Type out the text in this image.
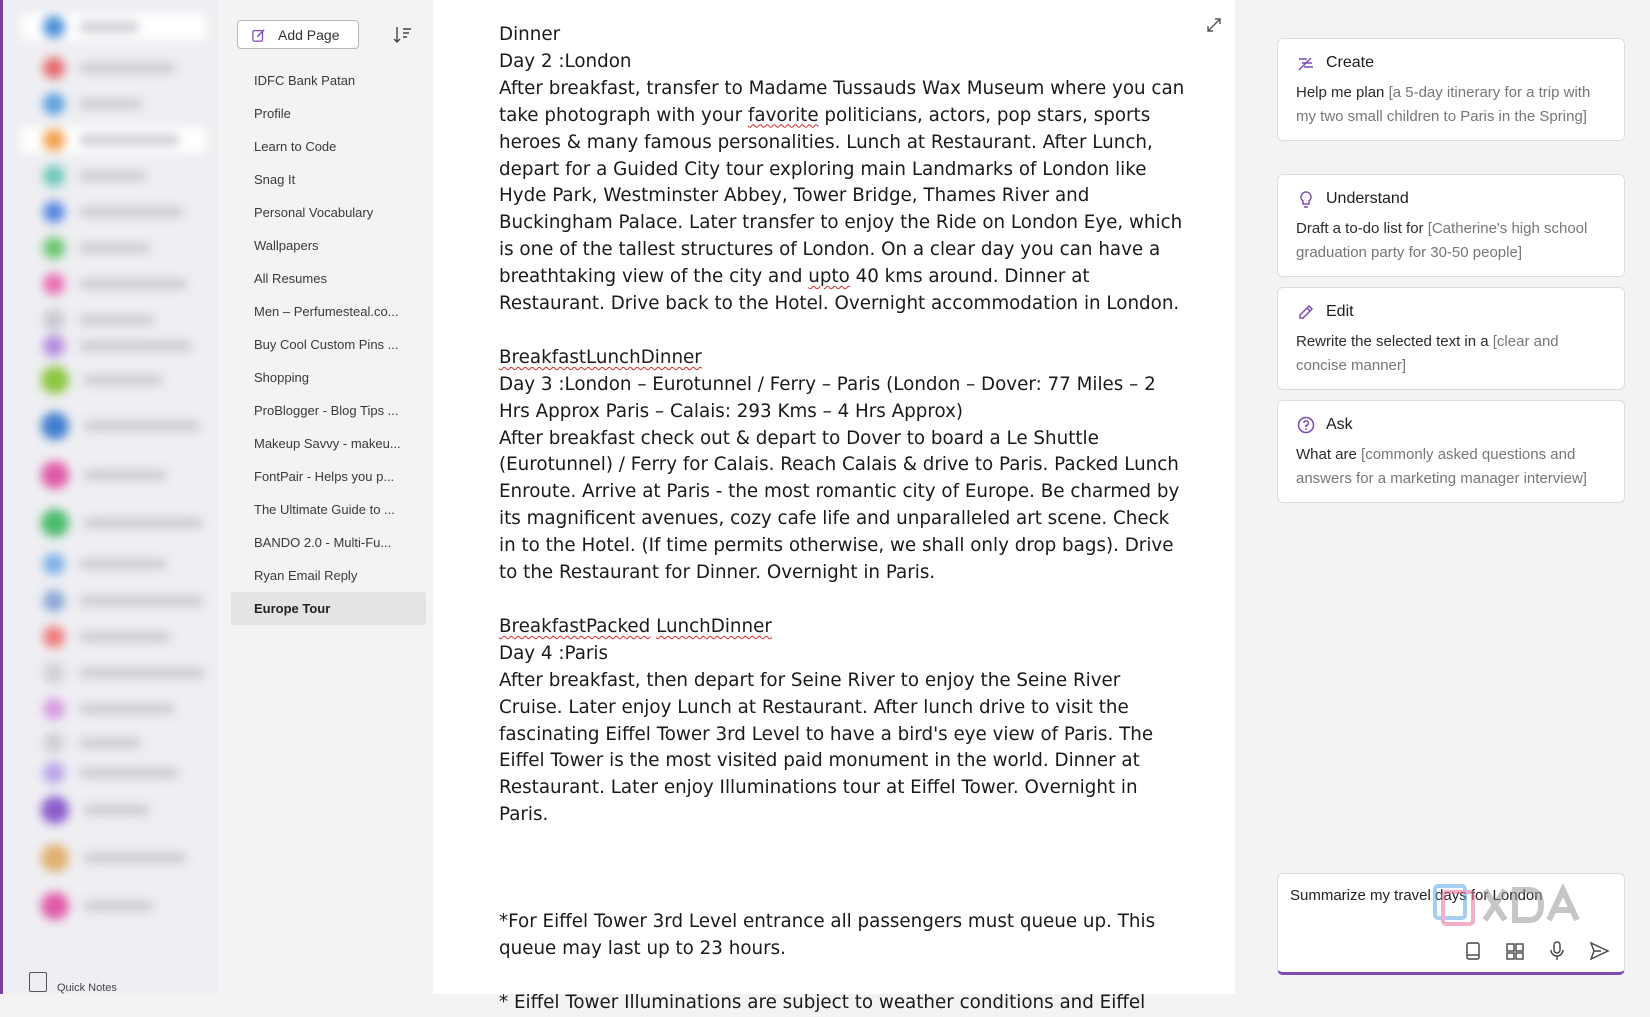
Quick Notes
Add Page
IDFC Bank Patan
Profile
Learn to Code
Snag It
Personal Vocabulary
Wallpapers
All Resumes
Men – Perfumesteal.co...
Buy Cool Custom Pins ...
Shopping
ProBlogger - Blog Tips ...
Makeup Savvy - makeu...
FontPair - Helps you p...
The Ultimate Guide to ...
BANDO 2.0 - Multi-Fu...
Ryan Email Reply
Europe Tour

Dinner

Day 2 :London

After breakfast, transfer to Madame Tussauds Wax Museum where you can take photograph with your favorite politicians, actors, pop stars, sports heroes & many famous personalities. Lunch at Restaurant. After Lunch, depart for a Guided City tour exploring main Landmarks of London like Hyde Park, Westminster Abbey, Tower Bridge, Thames River and Buckingham Palace. Later transfer to enjoy the Ride on London Eye, which is one of the tallest structures of London. On a clear day you can have a breathtaking view of the city and upto 40 kms around. Dinner at Restaurant. Drive back to the Hotel. Overnight accommodation in London.

BreakfastLunchDinner

Day 3 :London – Eurotunnel / Ferry – Paris (London – Dover: 77 Miles – 2 Hrs Approx Paris – Calais: 293 Kms – 4 Hrs Approx)

After breakfast check out & depart to Dover to board a Le Shuttle (Eurotunnel) / Ferry for Calais. Reach Calais & drive to Paris. Packed Lunch Enroute. Arrive at Paris - the most romantic city of Europe. Be charmed by its magnificent avenues, cozy cafe life and unparalleled art scene. Check in to the Hotel. (If time permits otherwise, we shall only drop bags). Drive to the Restaurant for Dinner. Overnight in Paris.

BreakfastPacked LunchDinner

Day 4 :Paris

After breakfast, then depart for Seine River to enjoy the Seine River Cruise. Later enjoy Lunch at Restaurant. After lunch drive to visit the fascinating Eiffel Tower 3rd Level to have a bird's eye view of Paris. The Eiffel Tower is the most visited paid monument in the world. Dinner at Restaurant. Later enjoy Illuminations tour at Eiffel Tower. Overnight in Paris.

*For Eiffel Tower 3rd Level entrance all passengers must queue up. This queue may last up to 23 hours.

* Eiffel Tower Illuminations are subject to weather conditions and Eiffel

Create
Help me plan [a 5-day itinerary for a trip with my two small children to Paris in the Spring]
Understand
Draft a to-do list for [Catherine's high school graduation party for 30-50 people]
Edit
Rewrite the selected text in a [clear and concise manner]
Ask
What are [commonly asked questions and answers for a marketing manager interview]
Summarize my travel days for London
